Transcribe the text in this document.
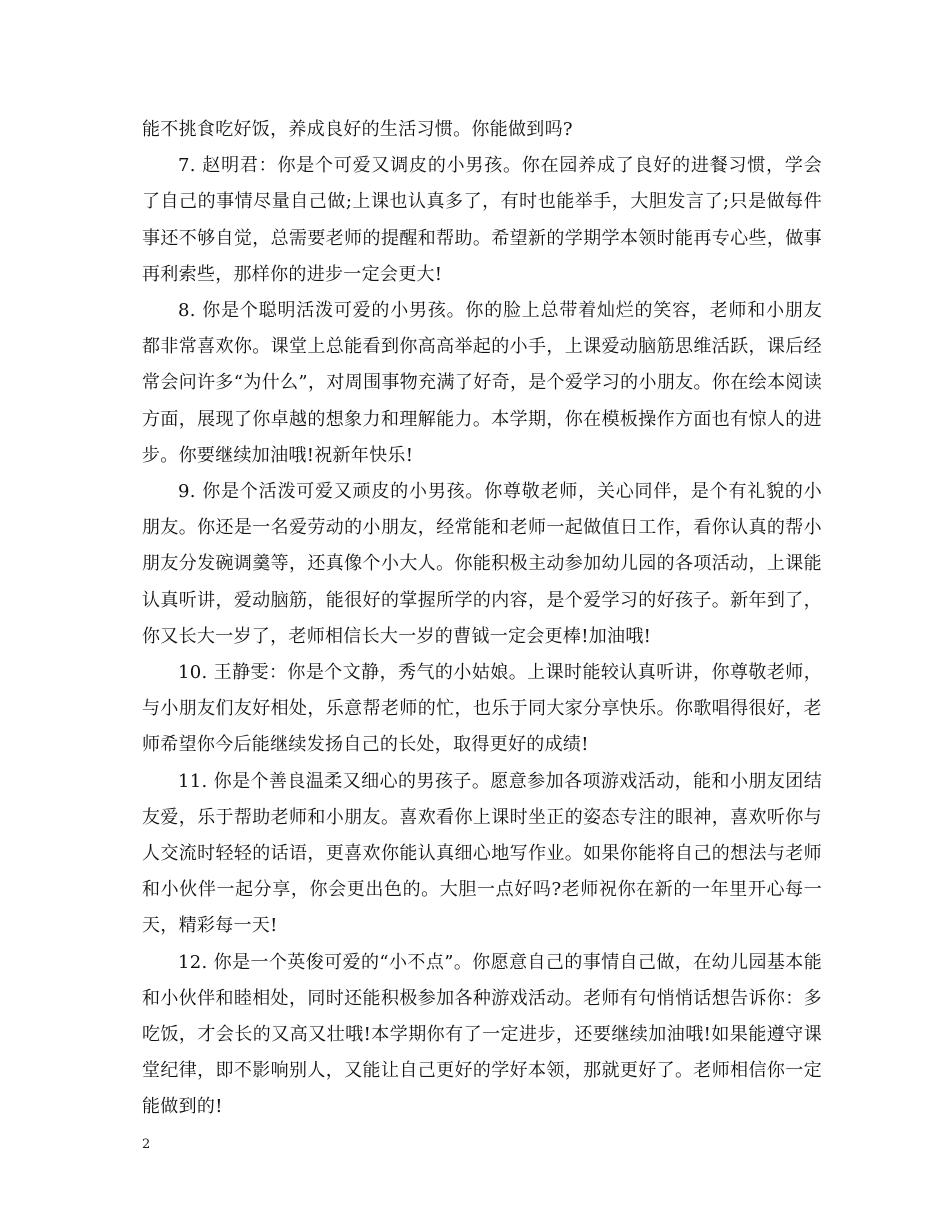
能不挑食吃好饭，养成良好的生活习惯。你能做到吗?

7. 赵明君：你是个可爱又调皮的小男孩。你在园养成了良好的进餐习惯，学会了自己的事情尽量自己做;上课也认真多了，有时也能举手，大胆发言了;只是做每件事还不够自觉，总需要老师的提醒和帮助。希望新的学期学本领时能再专心些，做事再利索些，那样你的进步一定会更大!

8. 你是个聪明活泼可爱的小男孩。你的脸上总带着灿烂的笑容，老师和小朋友都非常喜欢你。课堂上总能看到你高高举起的小手，上课爱动脑筋思维活跃，课后经常会问许多“为什么”，对周围事物充满了好奇，是个爱学习的小朋友。你在绘本阅读方面，展现了你卓越的想象力和理解能力。本学期，你在模板操作方面也有惊人的进步。你要继续加油哦!祝新年快乐!

9. 你是个活泼可爱又顽皮的小男孩。你尊敬老师，关心同伴，是个有礼貌的小朋友。你还是一名爱劳动的小朋友，经常能和老师一起做值日工作，看你认真的帮小朋友分发碗调羹等，还真像个小大人。你能积极主动参加幼儿园的各项活动，上课能认真听讲，爱动脑筋，能很好的掌握所学的内容，是个爱学习的好孩子。新年到了，你又长大一岁了，老师相信长大一岁的曹钺一定会更棒!加油哦!

10. 王静雯：你是个文静，秀气的小姑娘。上课时能较认真听讲，你尊敬老师，与小朋友们友好相处，乐意帮老师的忙，也乐于同大家分享快乐。你歌唱得很好，老师希望你今后能继续发扬自己的长处，取得更好的成绩!

11. 你是个善良温柔又细心的男孩子。愿意参加各项游戏活动，能和小朋友团结友爱，乐于帮助老师和小朋友。喜欢看你上课时坐正的姿态专注的眼神，喜欢听你与人交流时轻轻的话语，更喜欢你能认真细心地写作业。如果你能将自己的想法与老师和小伙伴一起分享，你会更出色的。大胆一点好吗?老师祝你在新的一年里开心每一天，精彩每一天!

12. 你是一个英俊可爱的“小不点”。你愿意自己的事情自己做，在幼儿园基本能和小伙伴和睦相处，同时还能积极参加各种游戏活动。老师有句悄悄话想告诉你：多吃饭，才会长的又高又壮哦!本学期你有了一定进步，还要继续加油哦!如果能遵守课堂纪律，即不影响别人，又能让自己更好的学好本领，那就更好了。老师相信你一定能做到的!

2
